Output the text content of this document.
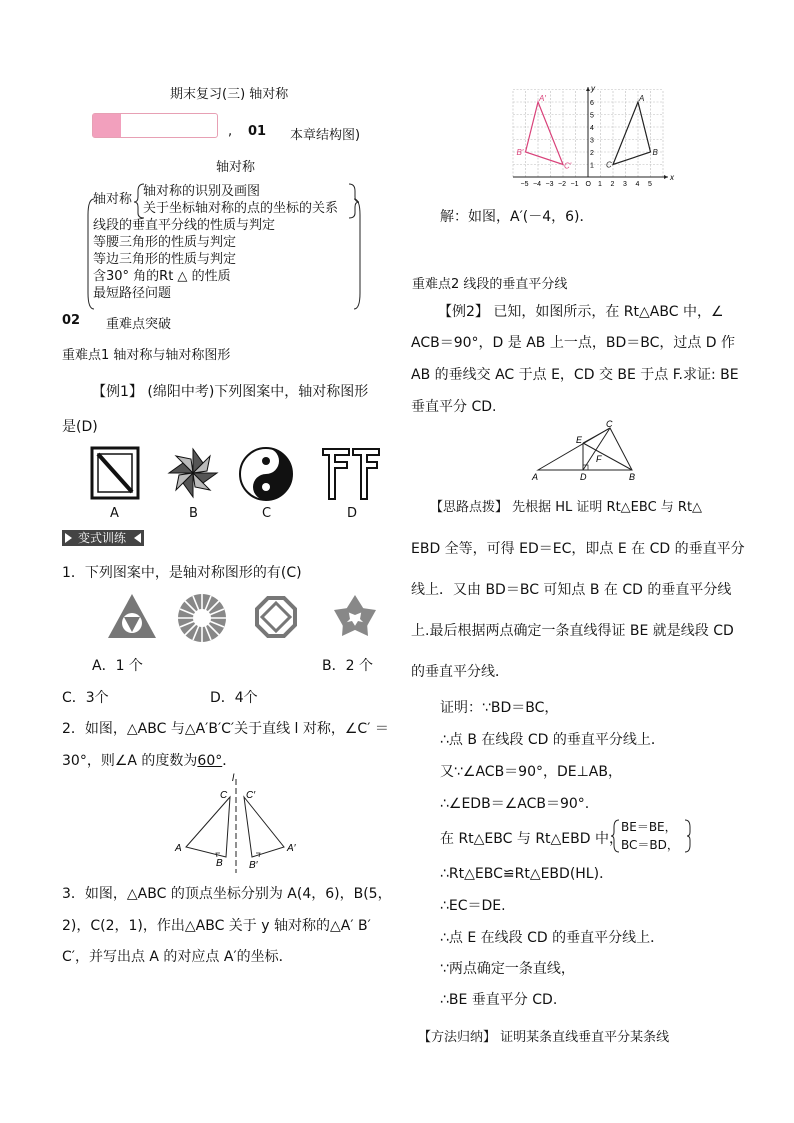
期末复习(三) 轴对称
, 01 本章结构图)
轴对称
轴对称
轴对称的识别及画图
关于坐标轴对称的点的坐标的关系
线段的垂直平分线的性质与判定
等腰三角形的性质与判定
等边三角形的性质与判定
含30° 角的Rt △ 的性质
最短路径问题
02 重难点突破
重难点1 轴对称与轴对称图形
【例1】 (绵阳中考)下列图案中，轴对称图形
是(D)
A	B	C	D
变式训练
1．下列图案中，是轴对称图形的有(C)
A．1 个	B．2 个
C．3个	D．4个
2．如图，△ABC 与△A′B′C′关于直线 l 对称，∠C′ ＝
30°，则∠A 的度数为60°．
l
C C′
A
B
A′
B′
3．如图，△ABC 的顶点坐标分别为 A(4，6)，B(5，
2)，C(2，1)，作出△ABC 关于 y 轴对称的△A′ B′
C′，并写出点 A 的对应点 A′的坐标．
x
y
−5 −4 −3 −2 −1 O 1 2 3 4 5
1
2
3
4
5
6
A
B
C
A′
B′
C′
解：如图，A′(－4，6)．
重难点2 线段的垂直平分线
【例2】 已知，如图所示，在 Rt△ABC 中，∠
ACB＝90°，D 是 AB 上一点，BD＝BC，过点 D 作
AB 的垂线交 AC 于点 E，CD 交 BE 于点 F.求证: BE
垂直平分 CD.
C
E
F
A	D	B
【思路点拨】 先根据 HL 证明 Rt△EBC 与 Rt△
EBD 全等，可得 ED＝EC，即点 E 在 CD 的垂直平分
线上．又由 BD＝BC 可知点 B 在 CD 的垂直平分线
上.最后根据两点确定一条直线得证 BE 就是线段 CD
的垂直平分线．
证明：∵BD＝BC，
∴点 B 在线段 CD 的垂直平分线上．
又∵∠ACB＝90°，DE⊥AB，
∴∠EDB＝∠ACB＝90°.
在 Rt△EBC 与 Rt△EBD 中，
BE＝BE，
BC＝BD，
∴Rt△EBC≌Rt△EBD(HL)．
∴EC＝DE.
∴点 E 在线段 CD 的垂直平分线上．
∵两点确定一条直线，
∴BE 垂直平分 CD.
【方法归纳】 证明某条直线垂直平分某条线
